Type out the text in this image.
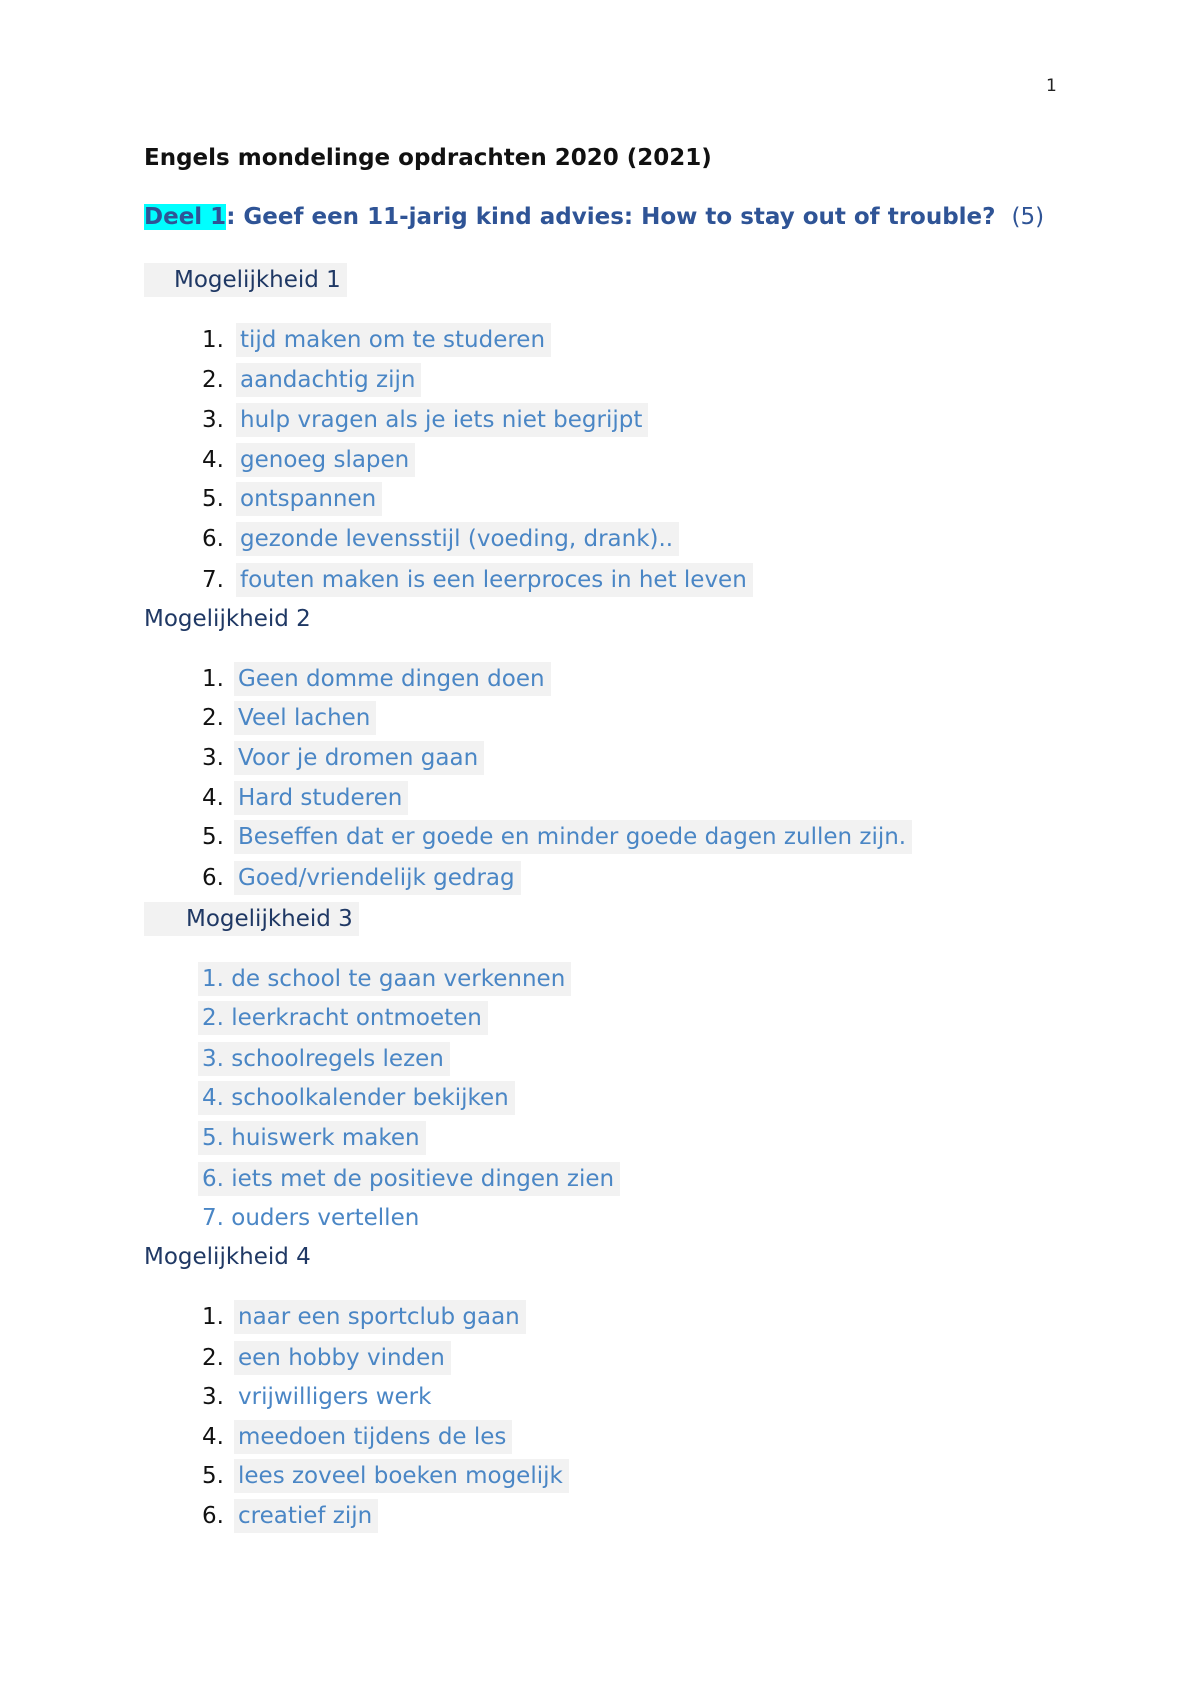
1
Engels mondelinge opdrachten 2020 (2021)
Deel 1: Geef een 11-jarig kind advies: How to stay out of trouble? (5)
Mogelijkheid 1
1. tijd maken om te studeren
2. aandachtig zijn
3. hulp vragen als je iets niet begrijpt
4. genoeg slapen
5. ontspannen
6. gezonde levensstijl (voeding, drank)..
7. fouten maken is een leerproces in het leven
Mogelijkheid 2
1. Geen domme dingen doen
2. Veel lachen
3. Voor je dromen gaan
4. Hard studeren
5. Beseffen dat er goede en minder goede dagen zullen zijn.
6. Goed/vriendelijk gedrag
Mogelijkheid 3
1. de school te gaan verkennen
2. leerkracht ontmoeten
3. schoolregels lezen
4. schoolkalender bekijken
5. huiswerk maken
6. iets met de positieve dingen zien
7. ouders vertellen
Mogelijkheid 4
1. naar een sportclub gaan
2. een hobby vinden
3. vrijwilligers werk
4. meedoen tijdens de les
5. lees zoveel boeken mogelijk
6. creatief zijn
